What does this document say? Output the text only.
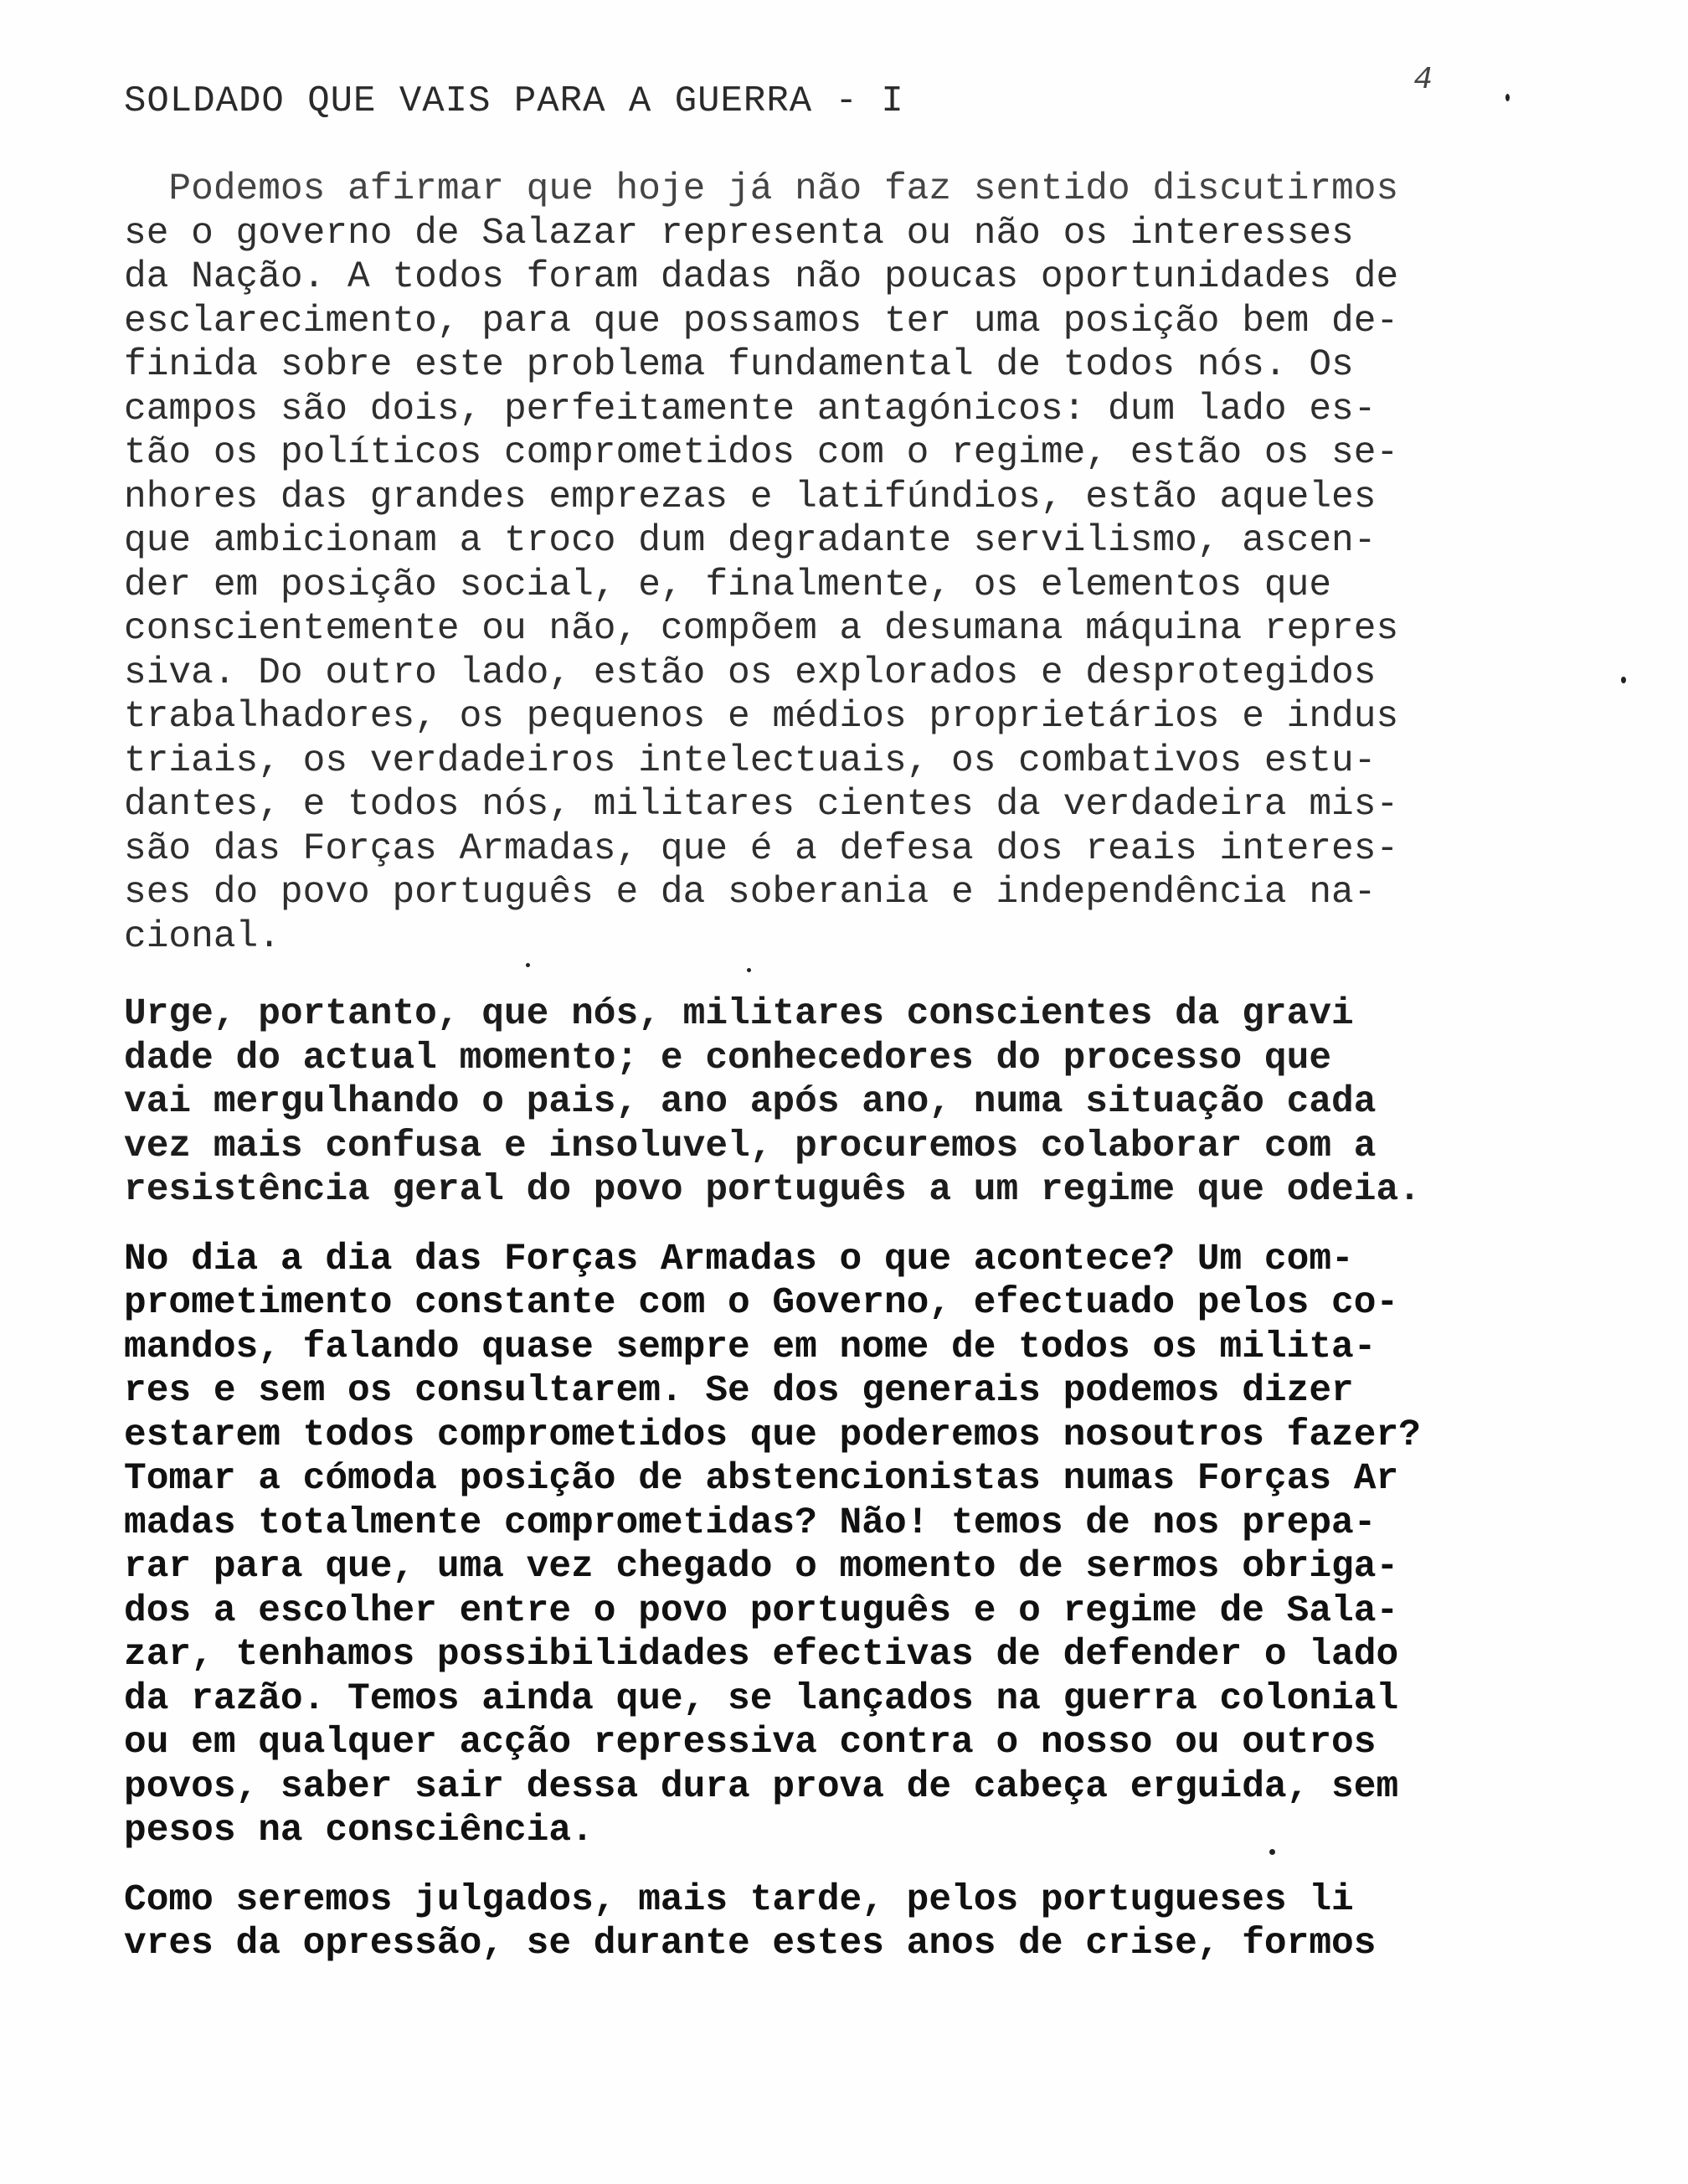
SOLDADO QUE VAIS PARA A GUERRA - I
4

Podemos afirmar que hoje já não faz sentido discutirmos
se o governo de Salazar representa ou não os interesses
da Nação. A todos foram dadas não poucas oportunidades de
esclarecimento, para que possamos ter uma posição bem de-
finida sobre este problema fundamental de todos nós. Os
campos são dois, perfeitamente antagónicos: dum lado es-
tão os políticos comprometidos com o regime, estão os se-
nhores das grandes emprezas e latifúndios, estão aqueles
que ambicionam a troco dum degradante servilismo, ascen-
der em posição social, e, finalmente, os elementos que
conscientemente ou não, compõem a desumana máquina repres
siva. Do outro lado, estão os explorados e desprotegidos
trabalhadores, os pequenos e médios proprietários e indus
triais, os verdadeiros intelectuais, os combativos estu-
dantes, e todos nós, militares cientes da verdadeira mis-
são das Forças Armadas, que é a defesa dos reais interes-
ses do povo português e da soberania e independência na-
cional.

Urge, portanto, que nós, militares conscientes da gravi
dade do actual momento; e conhecedores do processo que
vai mergulhando o pais, ano após ano, numa situação cada
vez mais confusa e insoluvel, procuremos colaborar com a
resistência geral do povo português a um regime que odeia.

No dia a dia das Forças Armadas o que acontece? Um com-
prometimento constante com o Governo, efectuado pelos co-
mandos, falando quase sempre em nome de todos os milita-
res e sem os consultarem. Se dos generais podemos dizer
estarem todos comprometidos que poderemos nosoutros fazer?
Tomar a cómoda posição de abstencionistas numas Forças Ar
madas totalmente comprometidas? Não! temos de nos prepa-
rar para que, uma vez chegado o momento de sermos obriga-
dos a escolher entre o povo português e o regime de Sala-
zar, tenhamos possibilidades efectivas de defender o lado
da razão. Temos ainda que, se lançados na guerra colonial
ou em qualquer acção repressiva contra o nosso ou outros
povos, saber sair dessa dura prova de cabeça erguida, sem
pesos na consciência.

Como seremos julgados, mais tarde, pelos portugueses li
vres da opressão, se durante estes anos de crise, formos
